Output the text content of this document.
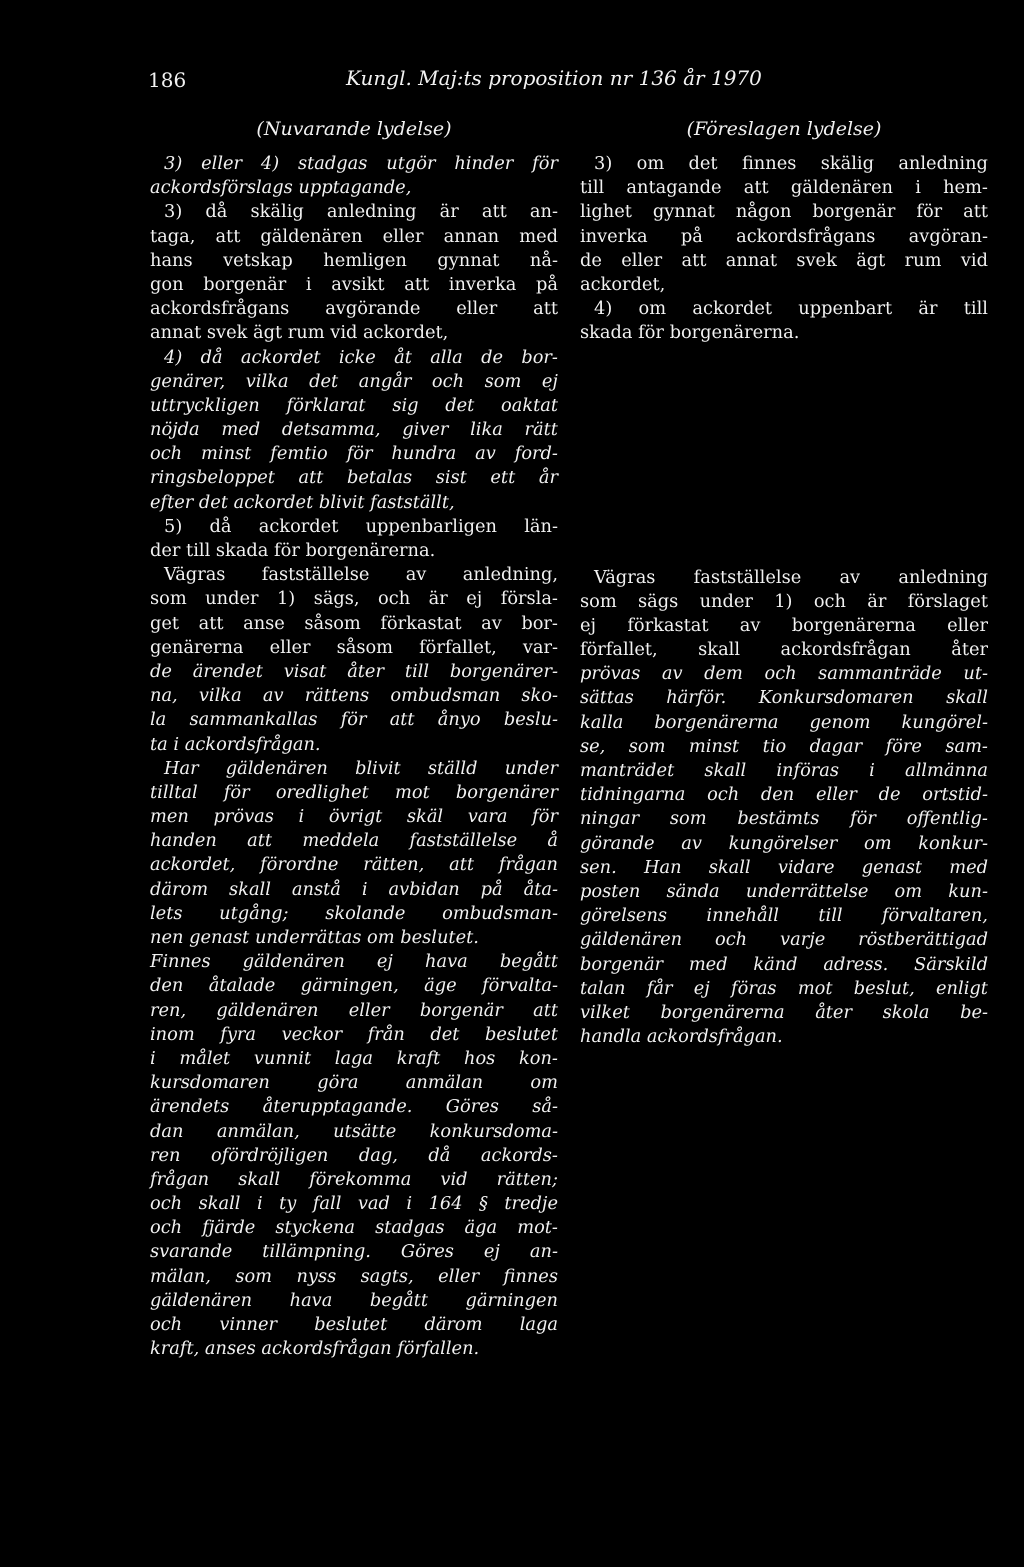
186	Kungl. Maj:ts proposition nr 136 år 1970
(Nuvarande lydelse)	(Föreslagen lydelse)
3) eller 4) stadgas utgör hinder för
ackordsförslags upptagande,
3) då skälig anledning är att an-
taga, att gäldenären eller annan med
hans vetskap hemligen gynnat nå-
gon borgenär i avsikt att inverka på
ackordsfrågans avgörande eller att
annat svek ägt rum vid ackordet,
4) då ackordet icke åt alla de bor-
genärer, vilka det angår och som ej
uttryckligen förklarat sig det oaktat
nöjda med detsamma, giver lika rätt
och minst femtio för hundra av ford-
ringsbeloppet att betalas sist ett år
efter det ackordet blivit fastställt,
5) då ackordet uppenbarligen län-
der till skada för borgenärerna.
Vägras fastställelse av anledning,
som under 1) sägs, och är ej försla-
get att anse såsom förkastat av bor-
genärerna eller såsom förfallet, var-
de ärendet visat åter till borgenärer-
na, vilka av rättens ombudsman sko-
la sammankallas för att ånyo beslu-
ta i ackordsfrågan.
Har gäldenären blivit ställd under
tilltal för oredlighet mot borgenärer
men prövas i övrigt skäl vara för
handen att meddela fastställelse å
ackordet, förordne rätten, att frågan
därom skall anstå i avbidan på åta-
lets utgång; skolande ombudsman-
nen genast underrättas om beslutet.
Finnes gäldenären ej hava begått
den åtalade gärningen, äge förvalta-
ren, gäldenären eller borgenär att
inom fyra veckor från det beslutet
i målet vunnit laga kraft hos kon-
kursdomaren	göra	anmälan	om
ärendets återupptagande. Göres så-
dan anmälan, utsätte konkursdoma-
ren ofördröjligen dag, då ackords-
frågan skall förekomma vid rätten;
och skall i ty fall vad i 164 § tredje
och fjärde styckena stadgas äga mot-
svarande tillämpning. Göres ej an-
mälan, som nyss sagts, eller finnes
gäldenären hava begått gärningen
och vinner beslutet därom laga
kraft, anses ackordsfrågan förfallen.
3) om det finnes skälig anledning
till antagande att gäldenären i hem-
lighet gynnat någon borgenär för att
inverka på ackordsfrågans avgöran-
de eller att annat svek ägt rum vid
ackordet,
4) om ackordet uppenbart är till
skada för borgenärerna.
Vägras fastställelse av anledning
som sägs under 1) och är förslaget
ej förkastat av borgenärerna eller
förfallet, skall ackordsfrågan åter
prövas av dem och sammanträde ut-
sättas härför. Konkursdomaren skall
kalla borgenärerna genom kungörel-
se, som minst tio dagar före sam-
manträdet skall införas i allmänna
tidningarna och den eller de ortstid-
ningar som bestämts för offentlig-
görande av kungörelser om konkur-
sen. Han skall vidare genast med
posten sända underrättelse om kun-
görelsens innehåll till förvaltaren,
gäldenären och varje röstberättigad
borgenär med känd adress. Särskild
talan får ej föras mot beslut, enligt
vilket borgenärerna åter skola be-
handla ackordsfrågan.
